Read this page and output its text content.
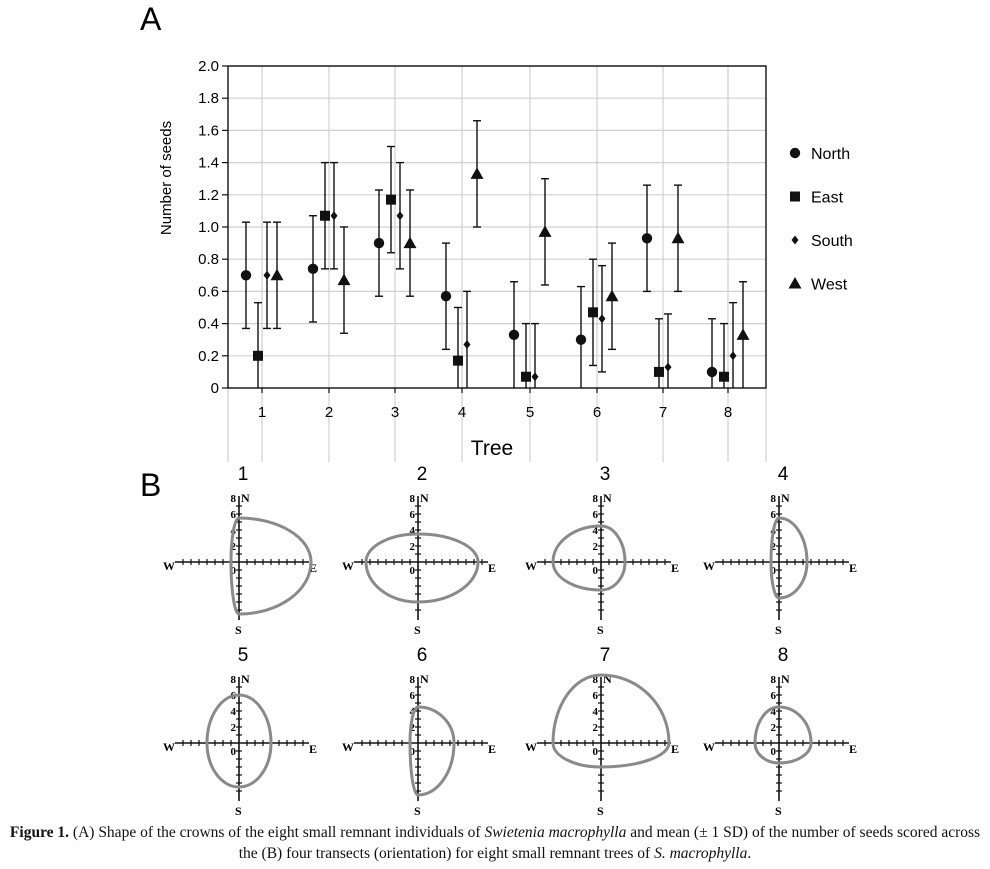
A
0
0.2
0.4
0.6
0.8
1.0
1.2
1.4
1.6
1.8
2.0
1	2	3	4	5	6	7	8
Tree
Number of seeds	North
East
South
West
B	1
8
6
4
2
0
N
E
S
W
2
8
6
4
2
0
N
E
S
W
3
8
6
4
2
0
N
E
S
W
4
8
6
4
2
0
N
E
S
W
5
8
6
4
2
0
N
E
S
W
6
8
6
4
2
0
N
E
S
W
7
8
6
4
2
0
N
E
S
W
8
8
6
4
2
0
N
E
S
W
Figure 1. (A) Shape of the crowns of the eight small remnant individuals of Swietenia macrophylla and mean (± 1 SD) of the number of seeds scored across the (B) four transects (orientation) for eight small remnant trees of S. macrophylla.
